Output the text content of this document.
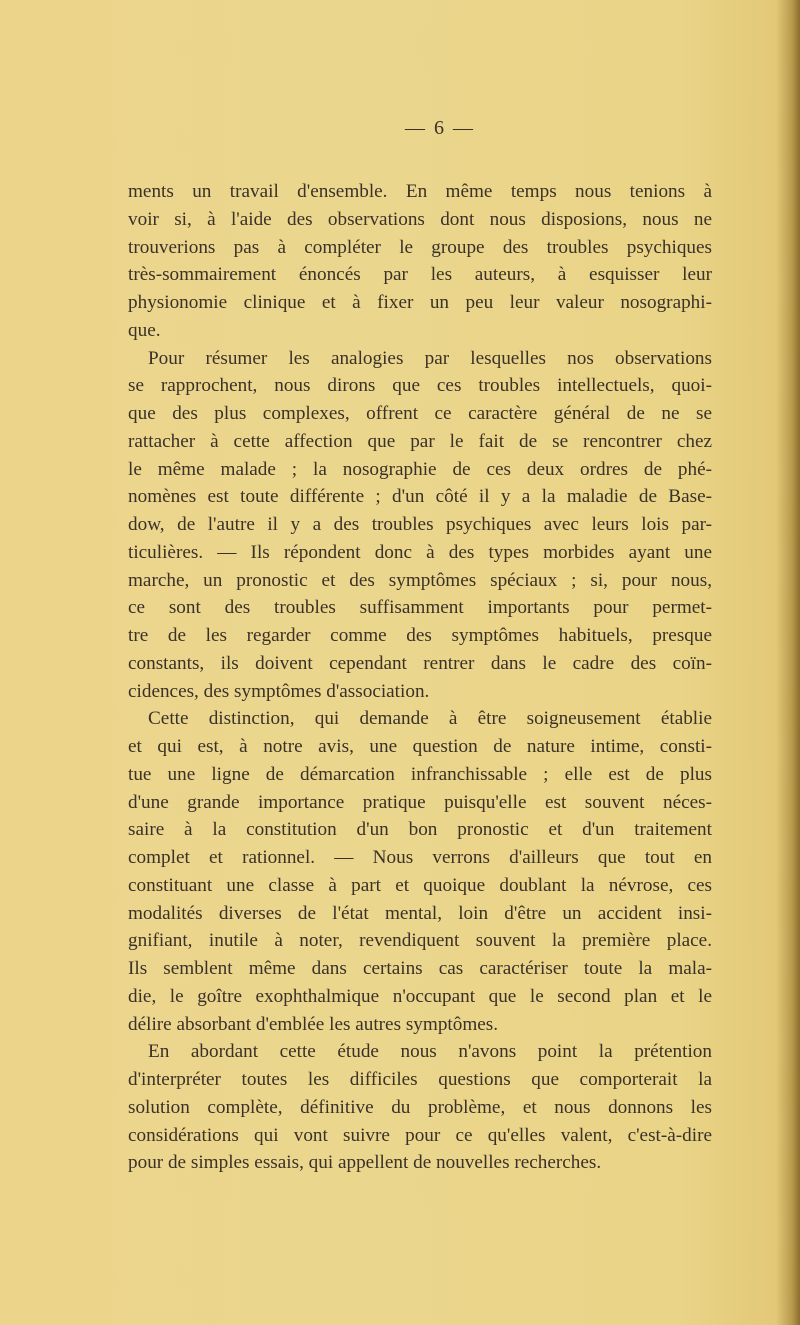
— 6 —
ments un travail d'ensemble. En même temps nous tenions à
voir si, à l'aide des observations dont nous disposions, nous ne
trouverions pas à compléter le groupe des troubles psychiques
très-sommairement énoncés par les auteurs, à esquisser leur
physionomie clinique et à fixer un peu leur valeur nosographi-
que.
Pour résumer les analogies par lesquelles nos observations
se rapprochent, nous dirons que ces troubles intellectuels, quoi-
que des plus complexes, offrent ce caractère général de ne se
rattacher à cette affection que par le fait de se rencontrer chez
le même malade ; la nosographie de ces deux ordres de phé-
nomènes est toute différente ; d'un côté il y a la maladie de Base-
dow, de l'autre il y a des troubles psychiques avec leurs lois par-
ticulières. — Ils répondent donc à des types morbides ayant une
marche, un pronostic et des symptômes spéciaux ; si, pour nous,
ce sont des troubles suffisamment importants pour permet-
tre de les regarder comme des symptômes habituels, presque
constants, ils doivent cependant rentrer dans le cadre des coïn-
cidences, des symptômes d'association.
Cette distinction, qui demande à être soigneusement établie
et qui est, à notre avis, une question de nature intime, consti-
tue une ligne de démarcation infranchissable ; elle est de plus
d'une grande importance pratique puisqu'elle est souvent néces-
saire à la constitution d'un bon pronostic et d'un traitement
complet et rationnel. — Nous verrons d'ailleurs que tout en
constituant une classe à part et quoique doublant la névrose, ces
modalités diverses de l'état mental, loin d'être un accident insi-
gnifiant, inutile à noter, revendiquent souvent la première place.
Ils semblent même dans certains cas caractériser toute la mala-
die, le goître exophthalmique n'occupant que le second plan et le
délire absorbant d'emblée les autres symptômes.
En abordant cette étude nous n'avons point la prétention
d'interpréter toutes les difficiles questions que comporterait la
solution complète, définitive du problème, et nous donnons les
considérations qui vont suivre pour ce qu'elles valent, c'est-à-dire
pour de simples essais, qui appellent de nouvelles recherches.
